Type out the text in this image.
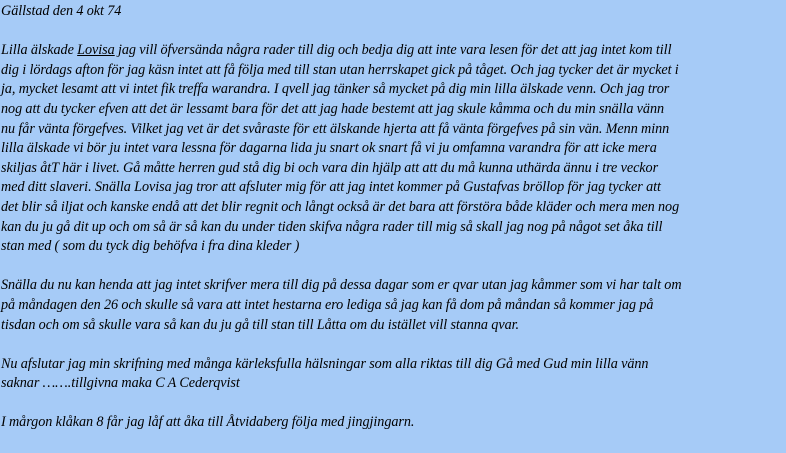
Gällstad den 4 okt 74
Lilla älskade Lovisa jag vill öfversända några rader till dig och bedja dig att inte vara lesen för det att jag intet kom till
dig i lördags afton för jag käsn intet att få följa med till stan utan herrskapet gick på tåget. Och jag tycker det är mycket i
ja, mycket lesamt att vi intet fik treffa warandra. I qvell jag tänker så mycket på dig min lilla älskade venn. Och jag tror
nog att du tycker efven att det är lessamt bara för det att jag hade bestemt att jag skule kåmma och du min snälla vänn
nu får vänta förgefves. Vilket jag vet är det svåraste för ett älskande hjerta att få vänta förgefves på sin vän. Menn minn
lilla älskade vi bör ju intet vara lessna för dagarna lida ju snart ok snart få vi ju omfamna varandra för att icke mera
skiljas åtT här i livet. Gå måtte herren gud stå dig bi och vara din hjälp att att du må kunna uthärda ännu i tre veckor
med ditt slaveri. Snälla Lovisa jag tror att afsluter mig för att jag intet kommer på Gustafvas bröllop för jag tycker att
det blir så iljat och kanske endå att det blir regnit och långt också är det bara att förstöra både kläder och mera men nog
kan du ju gå dit up och om så är så kan du under tiden skifva några rader till mig så skall jag nog på något set åka till
stan med ( som du tyck dig behöfva i fra dina kleder )
Snälla du nu kan henda att jag intet skrifver mera till dig på dessa dagar som er qvar utan jag kåmmer som vi har talt om
på måndagen den 26 och skulle så vara att intet hestarna ero lediga så jag kan få dom på måndan så kommer jag på
tisdan och om så skulle vara så kan du ju gå till stan till Låtta om du istället vill stanna qvar.
Nu afslutar jag min skrifning med många kärleksfulla hälsningar som alla riktas till dig Gå med Gud min lilla vänn
saknar …….tillgivna maka C A Cederqvist
I mårgon klåkan 8 får jag låf att åka till Åtvidaberg följa med jingjingarn.
